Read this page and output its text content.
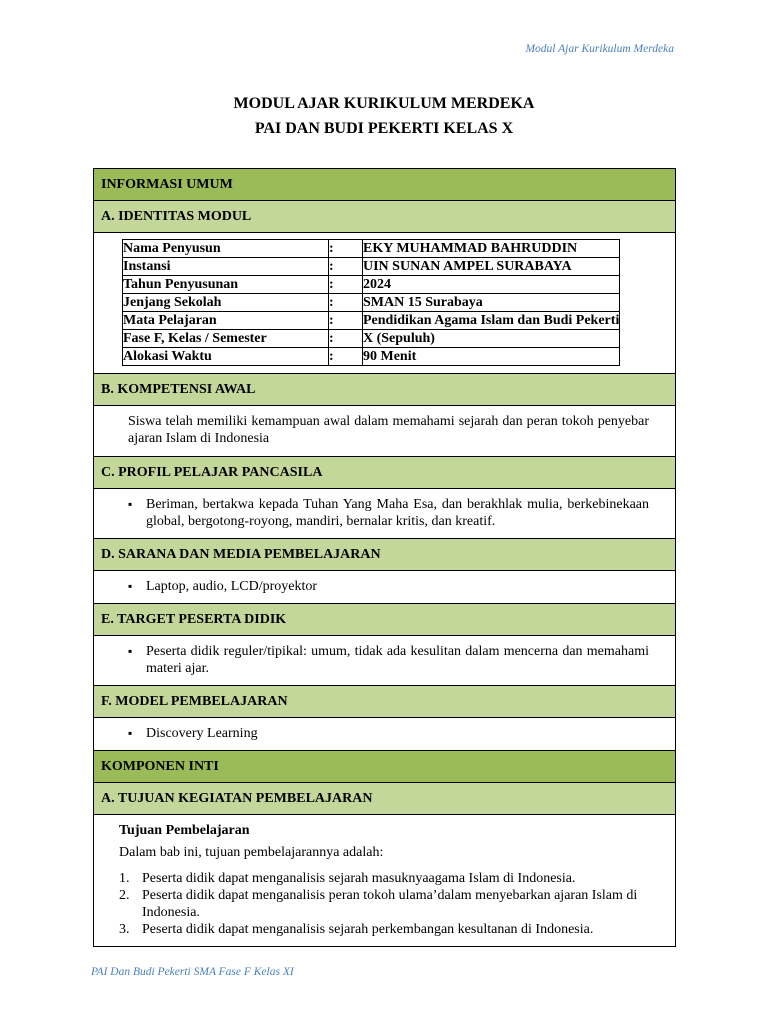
Modul Ajar Kurikulum Merdeka
MODUL AJAR KURIKULUM MERDEKA
PAI DAN BUDI PEKERTI KELAS X
INFORMASI UMUM
A. IDENTITAS MODUL

Nama Penyusun	:	EKY MUHAMMAD BAHRUDDIN
Instansi	:	UIN SUNAN AMPEL SURABAYA
Tahun Penyusunan	:	2024
Jenjang Sekolah	:	SMAN 15 Surabaya
Mata Pelajaran	:	Pendidikan Agama Islam dan Budi Pekerti
Fase F, Kelas / Semester	:	X (Sepuluh)
Alokasi Waktu	:	90 Menit

B. KOMPETENSI AWAL
Siswa telah memiliki kemampuan awal dalam memahami sejarah dan peran tokoh penyebar ajaran Islam di Indonesia
C. PROFIL PELAJAR PANCASILA

▪ Beriman, bertakwa kepada Tuhan Yang Maha Esa, dan berakhlak mulia, berkebinekaan global, bergotong-royong, mandiri, bernalar kritis, dan kreatif.

D. SARANA DAN MEDIA PEMBELAJARAN

▪ Laptop, audio, LCD/proyektor

E. TARGET PESERTA DIDIK

▪ Peserta didik reguler/tipikal: umum, tidak ada kesulitan dalam mencerna dan memahami materi ajar.

F. MODEL PEMBELAJARAN

▪ Discovery Learning

KOMPONEN INTI
A. TUJUAN KEGIATAN PEMBELAJARAN

Tujuan Pembelajaran
Dalam bab ini, tujuan pembelajarannya adalah:
1. Peserta didik dapat menganalisis sejarah masuknyaagama Islam di Indonesia.
2. Peserta didik dapat menganalisis peran tokoh ulama’dalam menyebarkan ajaran Islam di Indonesia.
3. Peserta didik dapat menganalisis sejarah perkembangan kesultanan di Indonesia.
PAI Dan Budi Pekerti SMA Fase F Kelas XI
